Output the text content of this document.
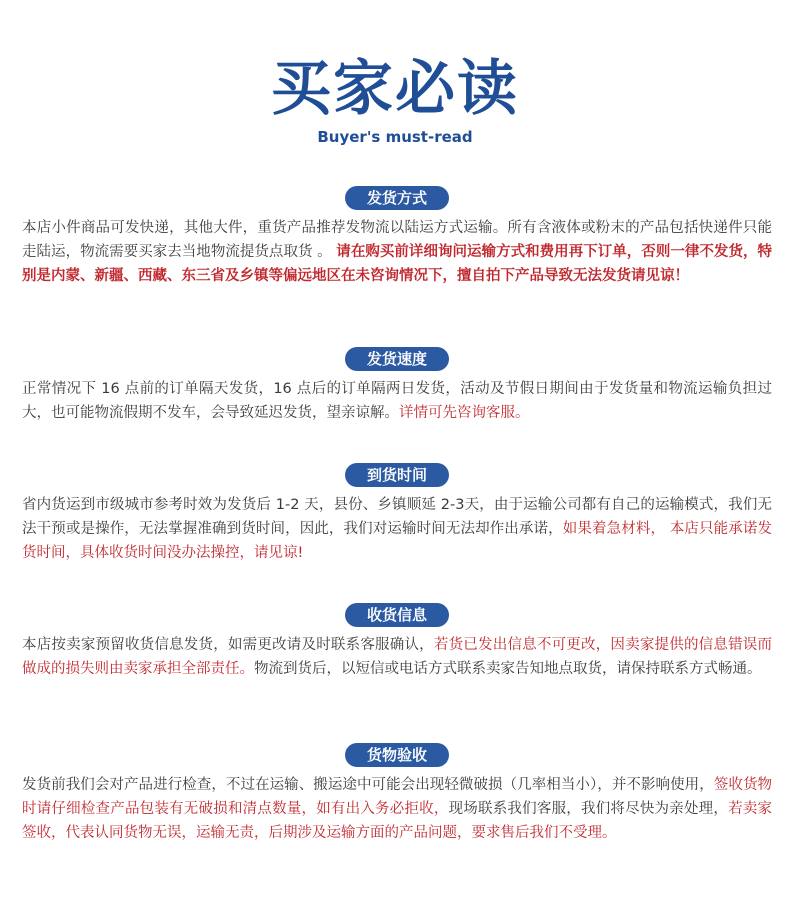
买家必读
Buyer's must-read
发货方式

本店小件商品可发快递，其他大件，重货产品推荐发物流以陆运方式运输。所有含液体或粉末的产品包括快递件只能走陆运，物流需要买家去当地物流提货点取货 。 请在购买前详细询问运输方式和费用再下订单，否则一律不发货，特别是内蒙、新疆、西藏、东三省及乡镇等偏远地区在未咨询情况下，擅自拍下产品导致无法发货请见谅！

发货速度

正常情况下 16 点前的订单隔天发货，16 点后的订单隔两日发货，活动及节假日期间由于发货量和物流运输负担过大，也可能物流假期不发车，会导致延迟发货，望亲谅解。详情可先咨询客服。

到货时间

省内货运到市级城市参考时效为发货后 1-2 天，县份、乡镇顺延 2-3天，由于运输公司都有自己的运输模式，我们无法干预或是操作，无法掌握准确到货时间，因此，我们对运输时间无法却作出承诺，如果着急材料， 本店只能承诺发货时间，具体收货时间没办法操控，请见谅!

收货信息

本店按卖家预留收货信息发货，如需更改请及时联系客服确认，若货已发出信息不可更改，因卖家提供的信息错误而做成的损失则由卖家承担全部责任。物流到货后，以短信或电话方式联系卖家告知地点取货，请保持联系方式畅通。

货物验收

发货前我们会对产品进行检查，不过在运输、搬运途中可能会出现轻微破损（几率相当小），并不影响使用，签收货物时请仔细检查产品包装有无破损和清点数量，如有出入务必拒收，现场联系我们客服，我们将尽快为亲处理，若卖家签收，代表认同货物无误，运输无责，后期涉及运输方面的产品问题，要求售后我们不受理。
